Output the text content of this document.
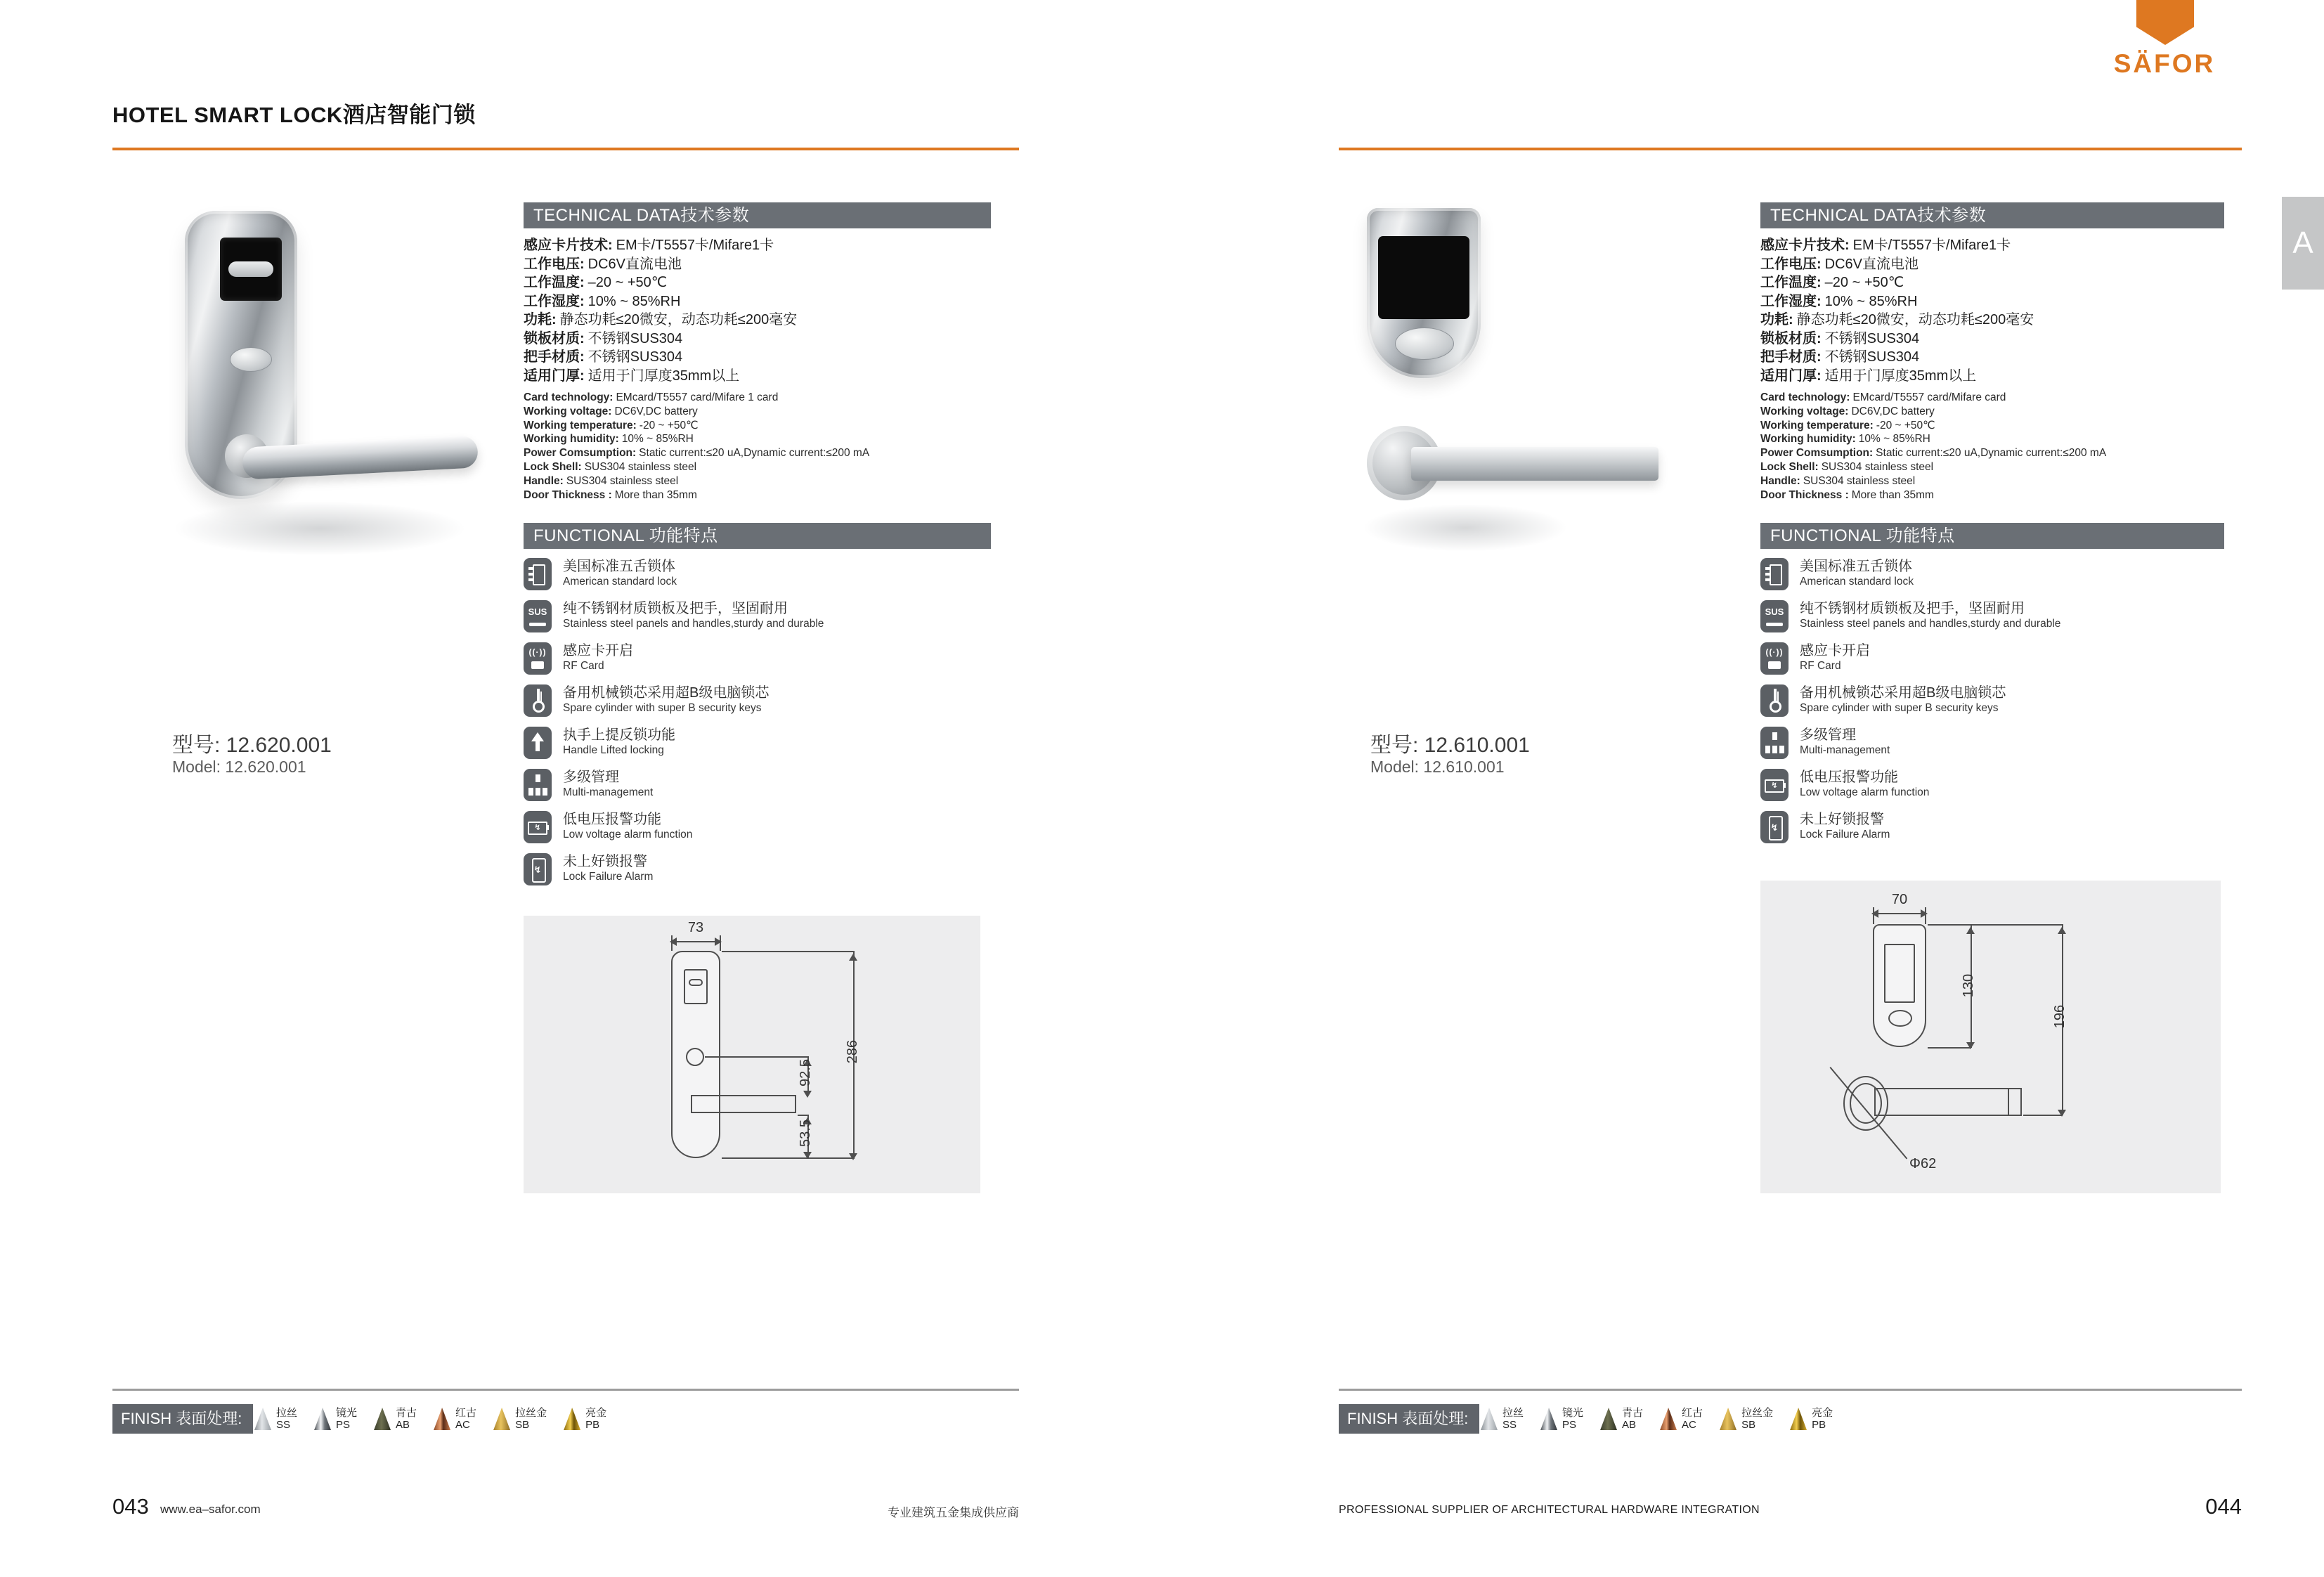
SÄFOR
HOTEL SMART LOCK酒店智能门锁
A
型号: 12.620.001
Model: 12.620.001
TECHNICAL DATA技术参数
感应卡片技术: EM卡/T5557卡/Mifare1卡
工作电压: DC6V直流电池
工作温度: –20 ~ +50℃
工作湿度: 10% ~ 85%RH
功耗: 静态功耗≤20微安，动态功耗≤200毫安
锁板材质: 不锈钢SUS304
把手材质: 不锈钢SUS304
适用门厚: 适用于门厚度35mm以上
Card technology: EMcard/T5557 card/Mifare 1 card
Working voltage: DC6V,DC battery
Working temperature: -20 ~ +50℃
Working humidity: 10% ~ 85%RH
Power Comsumption: Static current:≤20 uA,Dynamic current:≤200 mA
Lock Shell: SUS304 stainless steel
Handle: SUS304 stainless steel
Door Thickness : More than 35mm
FUNCTIONAL 功能特点
美国标准五舌锁体
American standard lock
SUS
纯不锈钢材质锁板及把手，坚固耐用
Stainless steel panels and handles,sturdy and durable
((·))
感应卡开启
RF Card
备用机械锁芯采用超B级电脑锁芯
Spare cylinder with super B security keys
执手上提反锁功能
Handle Lifted locking
多级管理
Multi-management
↯
低电压报警功能
Low voltage alarm function
↯
未上好锁报警
Lock Failure Alarm
73
286
92.5
53.5
FINISH 表面处理:	拉丝
SS
镜光
PS
青古
AB
红古
AC
拉丝金
SB
亮金
PB
043 www.ea–safor.com	专业建筑五金集成供应商
型号: 12.610.001
Model: 12.610.001
TECHNICAL DATA技术参数
感应卡片技术: EM卡/T5557卡/Mifare1卡
工作电压: DC6V直流电池
工作温度: –20 ~ +50℃
工作湿度: 10% ~ 85%RH
功耗: 静态功耗≤20微安，动态功耗≤200毫安
锁板材质: 不锈钢SUS304
把手材质: 不锈钢SUS304
适用门厚: 适用于门厚度35mm以上
Card technology: EMcard/T5557 card/Mifare card
Working voltage: DC6V,DC battery
Working temperature: -20 ~ +50℃
Working humidity: 10% ~ 85%RH
Power Comsumption: Static current:≤20 uA,Dynamic current:≤200 mA
Lock Shell: SUS304 stainless steel
Handle: SUS304 stainless steel
Door Thickness : More than 35mm
FUNCTIONAL 功能特点
美国标准五舌锁体
American standard lock
SUS
纯不锈钢材质锁板及把手，坚固耐用
Stainless steel panels and handles,sturdy and durable
((·))
感应卡开启
RF Card
备用机械锁芯采用超B级电脑锁芯
Spare cylinder with super B security keys
多级管理
Multi-management
↯
低电压报警功能
Low voltage alarm function
↯
未上好锁报警
Lock Failure Alarm
70
130
196
Φ62
FINISH 表面处理:	拉丝
SS
镜光
PS
青古
AB
红古
AC
拉丝金
SB
亮金
PB
PROFESSIONAL SUPPLIER OF ARCHITECTURAL HARDWARE INTEGRATION	044
